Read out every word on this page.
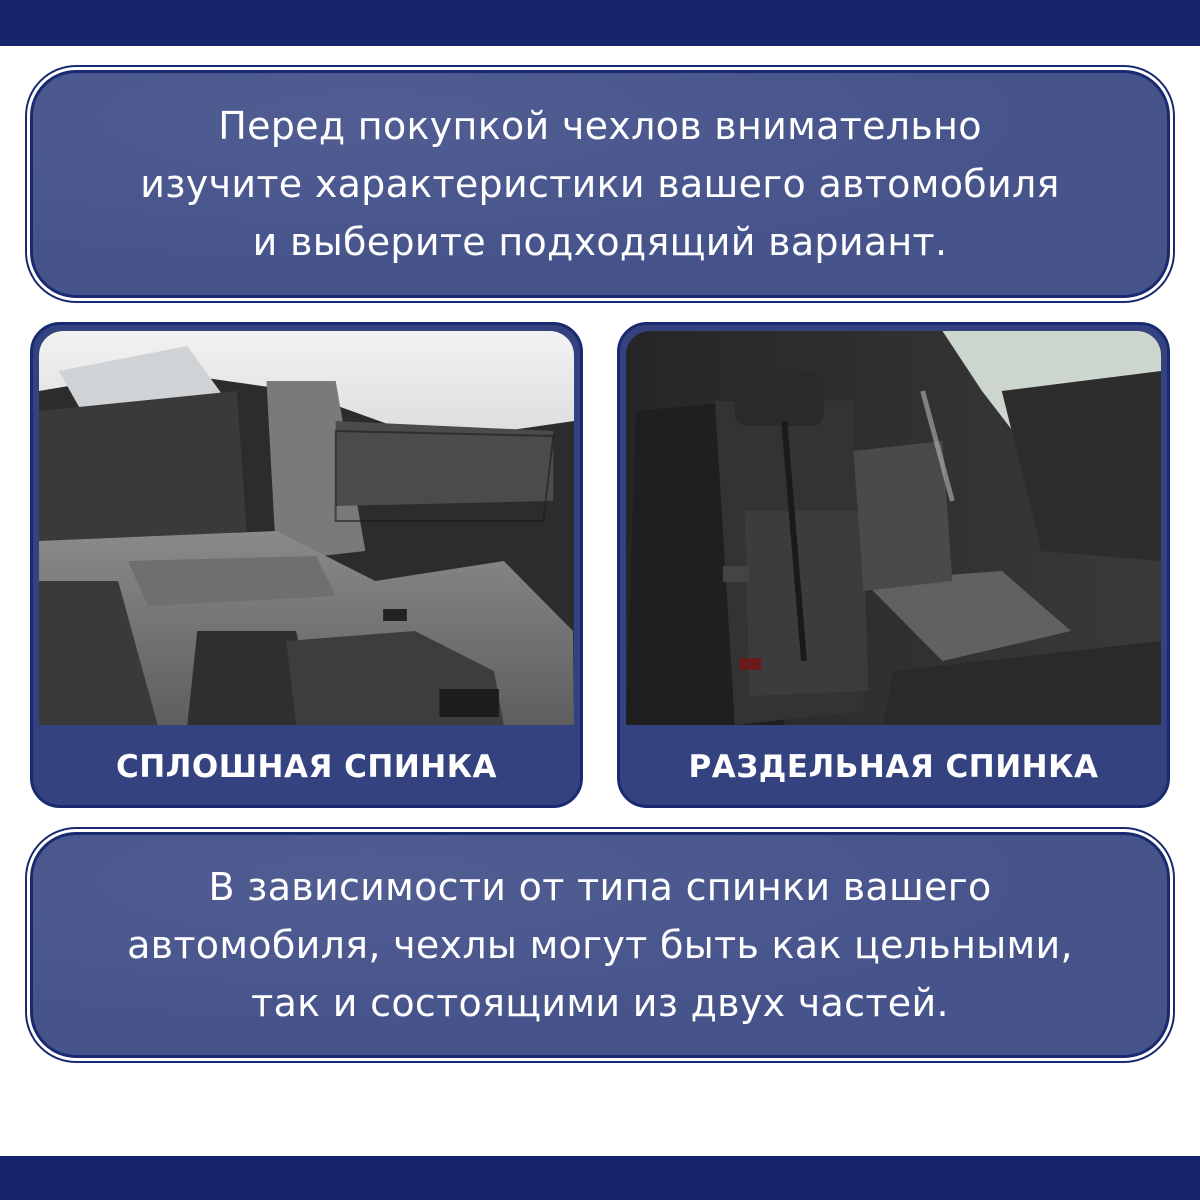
Перед покупкой чехлов внимательно
изучите характеристики вашего автомобиля
и выберите подходящий вариант.
СПЛОШНАЯ СПИНКА	РАЗДЕЛЬНАЯ СПИНКА
В зависимости от типа спинки вашего
автомобиля, чехлы могут быть как цельными,
так и состоящими из двух частей.
